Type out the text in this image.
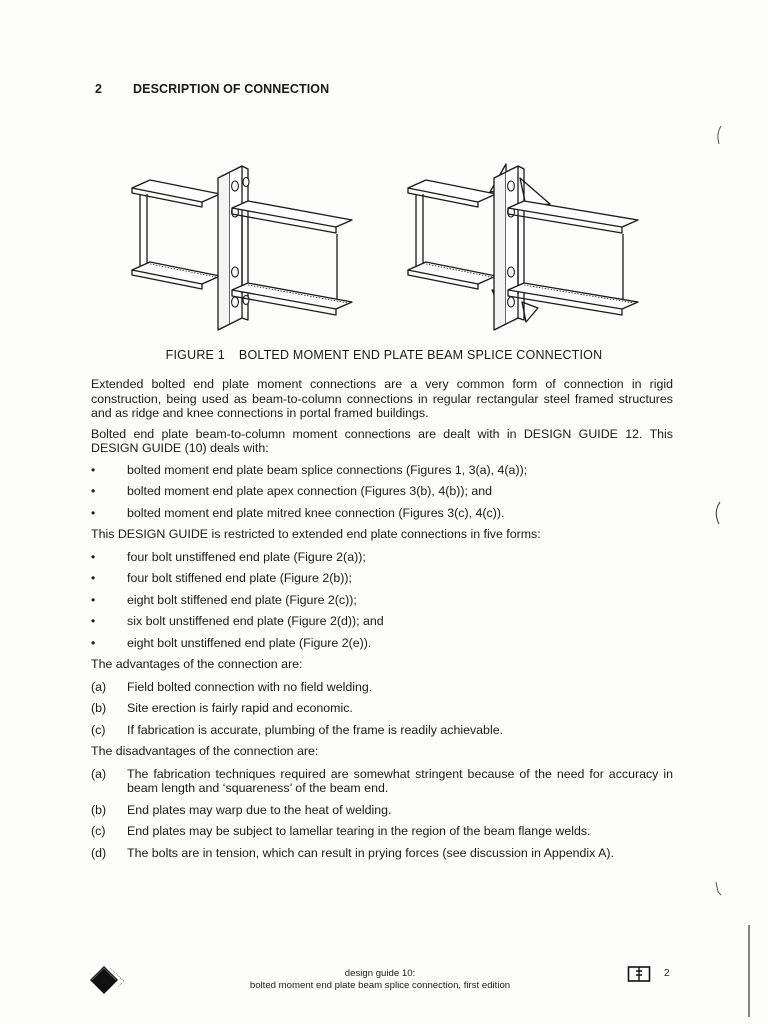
2 DESCRIPTION OF CONNECTION
FIGURE 1 BOLTED MOMENT END PLATE BEAM SPLICE CONNECTION

Extended bolted end plate moment connections are a very common form of connection in rigid construction, being used as beam-to-column connections in regular rectangular steel framed structures and as ridge and knee connections in portal framed buildings.

Bolted end plate beam-to-column moment connections are dealt with in DESIGN GUIDE 12. This DESIGN GUIDE (10) deals with:

•	bolted moment end plate beam splice connections (Figures 1, 3(a), 4(a));
•	bolted moment end plate apex connection (Figures 3(b), 4(b)); and
•	bolted moment end plate mitred knee connection (Figures 3(c), 4(c)).

This DESIGN GUIDE is restricted to extended end plate connections in five forms:

•	four bolt unstiffened end plate (Figure 2(a));
•	four bolt stiffened end plate (Figure 2(b));
•	eight bolt stiffened end plate (Figure 2(c));
•	six bolt unstiffened end plate (Figure 2(d)); and
•	eight bolt unstiffened end plate (Figure 2(e)).

The advantages of the connection are:

(a)	Field bolted connection with no field welding.
(b)	Site erection is fairly rapid and economic.
(c)	If fabrication is accurate, plumbing of the frame is readily achievable.

The disadvantages of the connection are:

(a)	The fabrication techniques required are somewhat stringent because of the need for accuracy in beam length and ‘squareness’ of the beam end.
(b)	End plates may warp due to the heat of welding.
(c)	End plates may be subject to lamellar tearing in the region of the beam flange welds.
(d)	The bolts are in tension, which can result in prying forces (see discussion in Appendix A).
design guide 10:
bolted moment end plate beam splice connection, first edition
2
